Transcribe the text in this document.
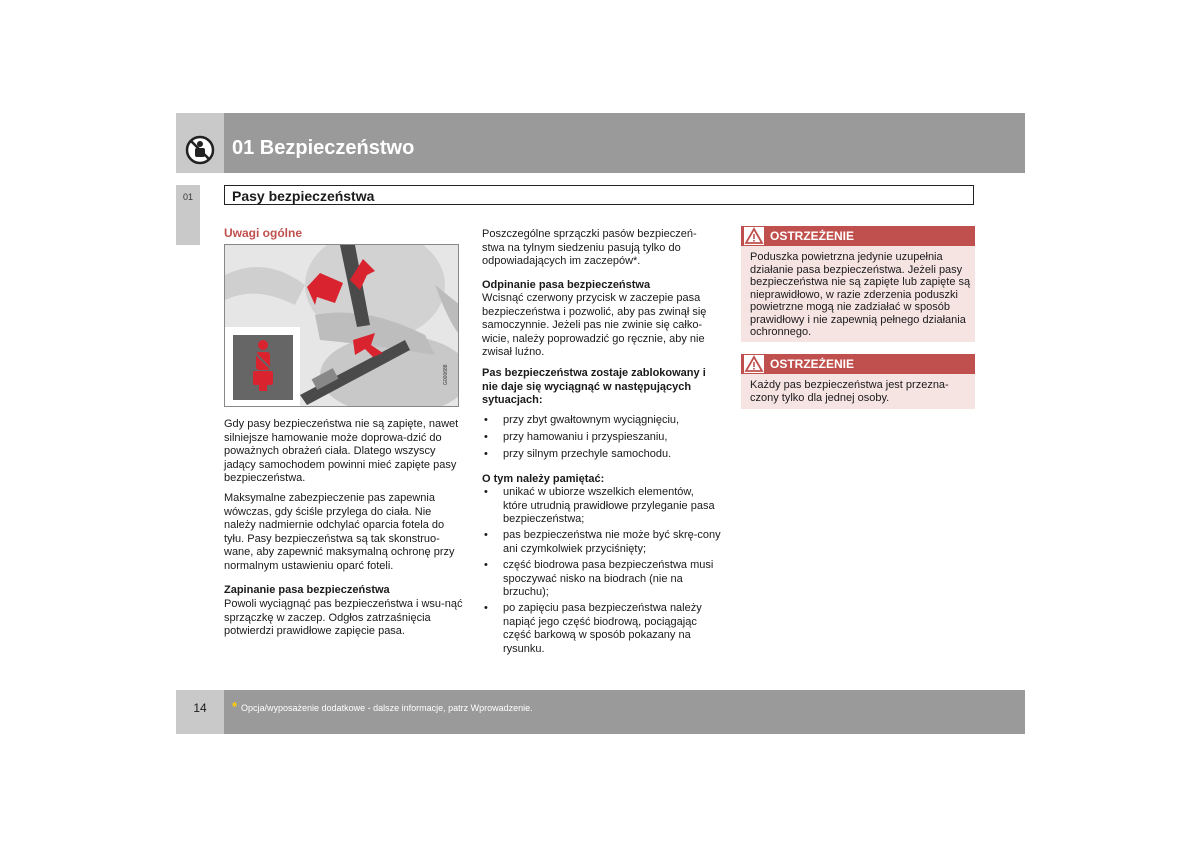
01 Bezpieczeństwo
01	Pasy bezpieczeństwa
Uwagi ogólne
G000688
Gdy pasy bezpieczeństwa nie są zapięte, nawet silniejsze hamowanie może doprowa-dzić do poważnych obrażeń ciała. Dlatego wszyscy jadący samochodem powinni mieć zapięte pasy bezpieczeństwa.
Maksymalne zabezpieczenie pas zapewnia wówczas, gdy ściśle przylega do ciała. Nie należy nadmiernie odchylać oparcia fotela do tyłu. Pasy bezpieczeństwa są tak skonstruo-wane, aby zapewnić maksymalną ochronę przy normalnym ustawieniu oparć foteli.
Zapinanie pasa bezpieczeństwa
Powoli wyciągnąć pas bezpieczeństwa i wsu-nąć sprzączkę w zaczep. Odgłos zatrzaśnięcia potwierdzi prawidłowe zapięcie pasa.
Poszczególne sprzączki pasów bezpieczeń-stwa na tylnym siedzeniu pasują tylko do odpowiadających im zaczepów*.
Odpinanie pasa bezpieczeństwa
Wcisnąć czerwony przycisk w zaczepie pasa bezpieczeństwa i pozwolić, aby pas zwinął się samoczynnie. Jeżeli pas nie zwinie się całko-wicie, należy poprowadzić go ręcznie, aby nie zwisał luźno.
Pas bezpieczeństwa zostaje zablokowany i nie daje się wyciągnąć w następujących sytuacjach:
• przy zbyt gwałtownym wyciągnięciu,
• przy hamowaniu i przyspieszaniu,
• przy silnym przechyle samochodu.
O tym należy pamiętać:
• unikać w ubiorze wszelkich elementów, które utrudnią prawidłowe przyleganie pasa bezpieczeństwa;
• pas bezpieczeństwa nie może być skrę-cony ani czymkolwiek przyciśnięty;
• część biodrowa pasa bezpieczeństwa musi spoczywać nisko na biodrach (nie na brzuchu);
• po zapięciu pasa bezpieczeństwa należy napiąć jego część biodrową, pociągając część barkową w sposób pokazany na rysunku.
OSTRZEŻENIE
Poduszka powietrzna jedynie uzupełnia działanie pasa bezpieczeństwa. Jeżeli pasy bezpieczeństwa nie są zapięte lub zapięte są nieprawidłowo, w razie zderzenia poduszki powietrzne mogą nie zadziałać w sposób prawidłowy i nie zapewnią pełnego działania ochronnego.
OSTRZEŻENIE
Każdy pas bezpieczeństwa jest przezna-czony tylko dla jednej osoby.
14	* Opcja/wyposażenie dodatkowe - dalsze informacje, patrz Wprowadzenie.
